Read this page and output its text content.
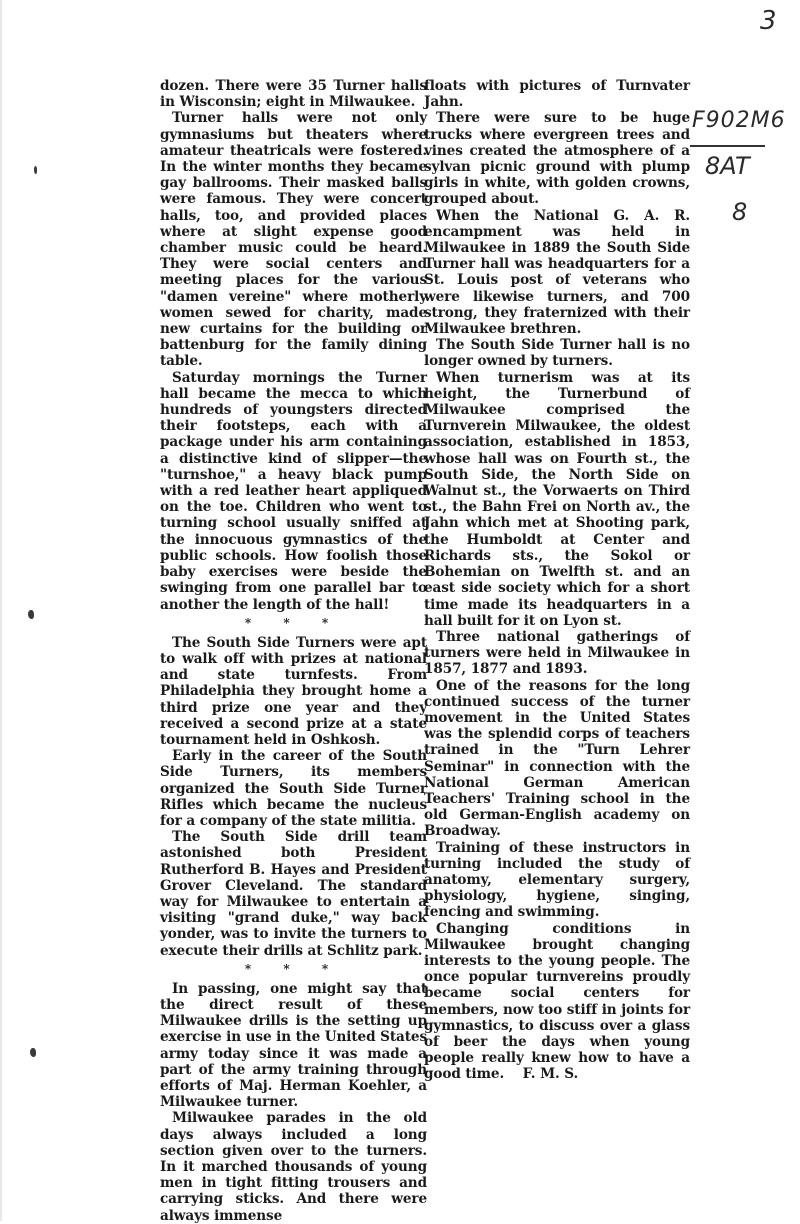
3
F902M6
8AT
8

dozen. There were 35 Turner halls in Wisconsin; eight in Milwaukee.

Turner halls were not only gymnasiums but theaters where amateur theatricals were fostered. In the winter months they became gay ballrooms. Their masked balls were famous. They were concert halls, too, and provided places where at slight expense good chamber music could be heard. They were social centers and meeting places for the various "damen vereine" where motherly women sewed for charity, made new curtains for the building or battenburg for the family dining table.

Saturday mornings the Turner hall became the mecca to which hundreds of youngsters directed their footsteps, each with a package under his arm containing a distinctive kind of slipper—the "turnshoe," a heavy black pump with a red leather heart appliqued on the toe. Children who went to turning school usually sniffed at the innocuous gymnastics of the public schools. How foolish those baby exercises were beside the swinging from one parallel bar to another the length of the hall!

* * *

The South Side Turners were apt to walk off with prizes at national and state turnfests. From Philadelphia they brought home a third prize one year and they received a second prize at a state tournament held in Oshkosh.

Early in the career of the South Side Turners, its members organized the South Side Turner Rifles which became the nucleus for a company of the state militia.

The South Side drill team astonished both President Rutherford B. Hayes and President Grover Cleveland. The standard way for Milwaukee to entertain a visiting "grand duke," way back yonder, was to invite the turners to execute their drills at Schlitz park.

* * *

In passing, one might say that the direct result of these Milwaukee drills is the setting up exercise in use in the United States army today since it was made a part of the army training through efforts of Maj. Herman Koehler, a Milwaukee turner.

Milwaukee parades in the old days always included a long section given over to the turners. In it marched thousands of young men in tight fitting trousers and carrying sticks. And there were always immense

floats with pictures of Turnvater Jahn.

There were sure to be huge trucks where evergreen trees and vines created the atmosphere of a sylvan picnic ground with plump girls in white, with golden crowns, grouped about.

When the National G. A. R. encampment was held in Milwaukee in 1889 the South Side Turner hall was headquarters for a St. Louis post of veterans who were likewise turners, and 700 strong, they fraternized with their Milwaukee brethren.

The South Side Turner hall is no longer owned by turners.

When turnerism was at its height, the Turnerbund of Milwaukee comprised the Turnverein Milwaukee, the oldest association, established in 1853, whose hall was on Fourth st., the South Side, the North Side on Walnut st., the Vorwaerts on Third st., the Bahn Frei on North av., the Jahn which met at Shooting park, the Humboldt at Center and Richards sts., the Sokol or Bohemian on Twelfth st. and an east side society which for a short time made its headquarters in a hall built for it on Lyon st.

Three national gatherings of turners were held in Milwaukee in 1857, 1877 and 1893.

One of the reasons for the long continued success of the turner movement in the United States was the splendid corps of teachers trained in the "Turn Lehrer Seminar" in connection with the National German American Teachers' Training school in the old German-English academy on Broadway.

Training of these instructors in turning included the study of anatomy, elementary surgery, physiology, hygiene, singing, fencing and swimming.

Changing conditions in Milwaukee brought changing interests to the young people. The once popular turnvereins proudly became social centers for members, now too stiff in joints for gymnastics, to discuss over a glass of beer the days when young people really knew how to have a good time. F. M. S.
